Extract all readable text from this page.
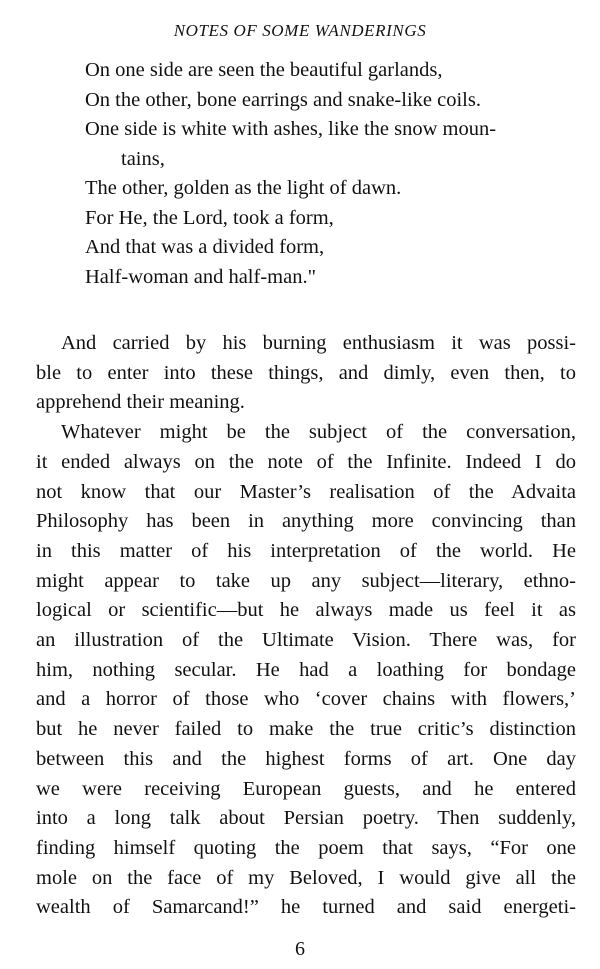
NOTES OF SOME WANDERINGS
On one side are seen the beautiful garlands,
On the other, bone earrings and snake-like coils.
One side is white with ashes, like the snow moun-
tains,
The other, golden as the light of dawn.
For He, the Lord, took a form,
And that was a divided form,
Half-woman and half-man."
And carried by his burning enthusiasm it was possi-
ble to enter into these things, and dimly, even then, to
apprehend their meaning.
Whatever might be the subject of the conversation,
it ended always on the note of the Infinite. Indeed I do
not know that our Master’s realisation of the Advaita
Philosophy has been in anything more convincing than
in this matter of his interpretation of the world. He
might appear to take up any subject—literary, ethno-
logical or scientific—but he always made us feel it as
an illustration of the Ultimate Vision. There was, for
him, nothing secular. He had a loathing for bondage
and a horror of those who ‘cover chains with flowers,’
but he never failed to make the true critic’s distinction
between this and the highest forms of art. One day
we were receiving European guests, and he entered
into a long talk about Persian poetry. Then suddenly,
finding himself quoting the poem that says, “For one
mole on the face of my Beloved, I would give all the
wealth of Samarcand!” he turned and said energeti-
6
